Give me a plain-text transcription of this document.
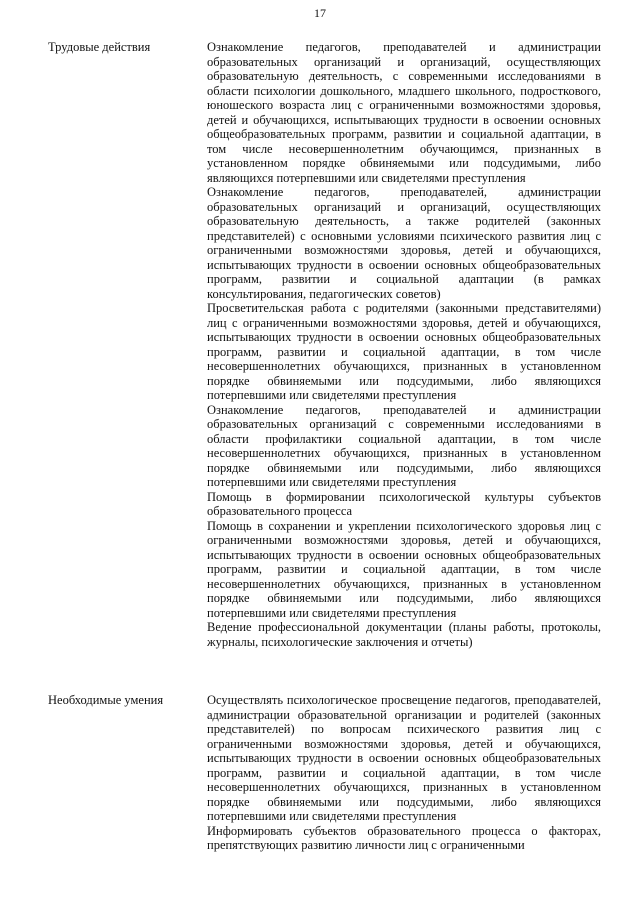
17
Трудовые действия	Ознакомление педагогов, преподавателей и администрации образовательных организаций и организаций, осуществляющих образовательную деятельность, с современными исследованиями в области психологии дошкольного, младшего школьного, подросткового, юношеского возраста лиц с ограниченными возможностями здоровья, детей и обучающихся, испытывающих трудности в освоении основных общеобразовательных программ, развитии и социальной адаптации, в том числе несовершеннолетним обучающимся, признанных в установленном порядке обвиняемыми или подсудимыми, либо являющихся потерпевшими или свидетелями преступления

Ознакомление педагогов, преподавателей, администрации образовательных организаций и организаций, осуществляющих образовательную деятельность, а также родителей (законных представителей) с основными условиями психического развития лиц с ограниченными возможностями здоровья, детей и обучающихся, испытывающих трудности в освоении основных общеобразовательных программ, развитии и социальной адаптации (в рамках консультирования, педагогических советов)

Просветительская работа с родителями (законными представителями) лиц с ограниченными возможностями здоровья, детей и обучающихся, испытывающих трудности в освоении основных общеобразовательных программ, развитии и социальной адаптации, в том числе несовершеннолетних обучающихся, признанных в установленном порядке обвиняемыми или подсудимыми, либо являющихся потерпевшими или свидетелями преступления

Ознакомление педагогов, преподавателей и администрации образовательных организаций с современными исследованиями в области профилактики социальной адаптации, в том числе несовершеннолетних обучающихся, признанных в установленном порядке обвиняемыми или подсудимыми, либо являющихся потерпевшими или свидетелями преступления

Помощь в формировании психологической культуры субъектов образовательного процесса

Помощь в сохранении и укреплении психологического здоровья лиц с ограниченными возможностями здоровья, детей и обучающихся, испытывающих трудности в освоении основных общеобразовательных программ, развитии и социальной адаптации, в том числе несовершеннолетних обучающихся, признанных в установленном порядке обвиняемыми или подсудимыми, либо являющихся потерпевшими или свидетелями преступления

Ведение профессиональной документации (планы работы, протоколы, журналы, психологические заключения и отчеты)

Необходимые умения	Осуществлять психологическое просвещение педагогов, преподавателей, администрации образовательной организации и родителей (законных представителей) по вопросам психического развития лиц с ограниченными возможностями здоровья, детей и обучающихся, испытывающих трудности в освоении основных общеобразовательных программ, развитии и социальной адаптации, в том числе несовершеннолетних обучающихся, признанных в установленном порядке обвиняемыми или подсудимыми, либо являющихся потерпевшими или свидетелями преступления

Информировать субъектов образовательного процесса о факторах, препятствующих развитию личности лиц с ограниченными
